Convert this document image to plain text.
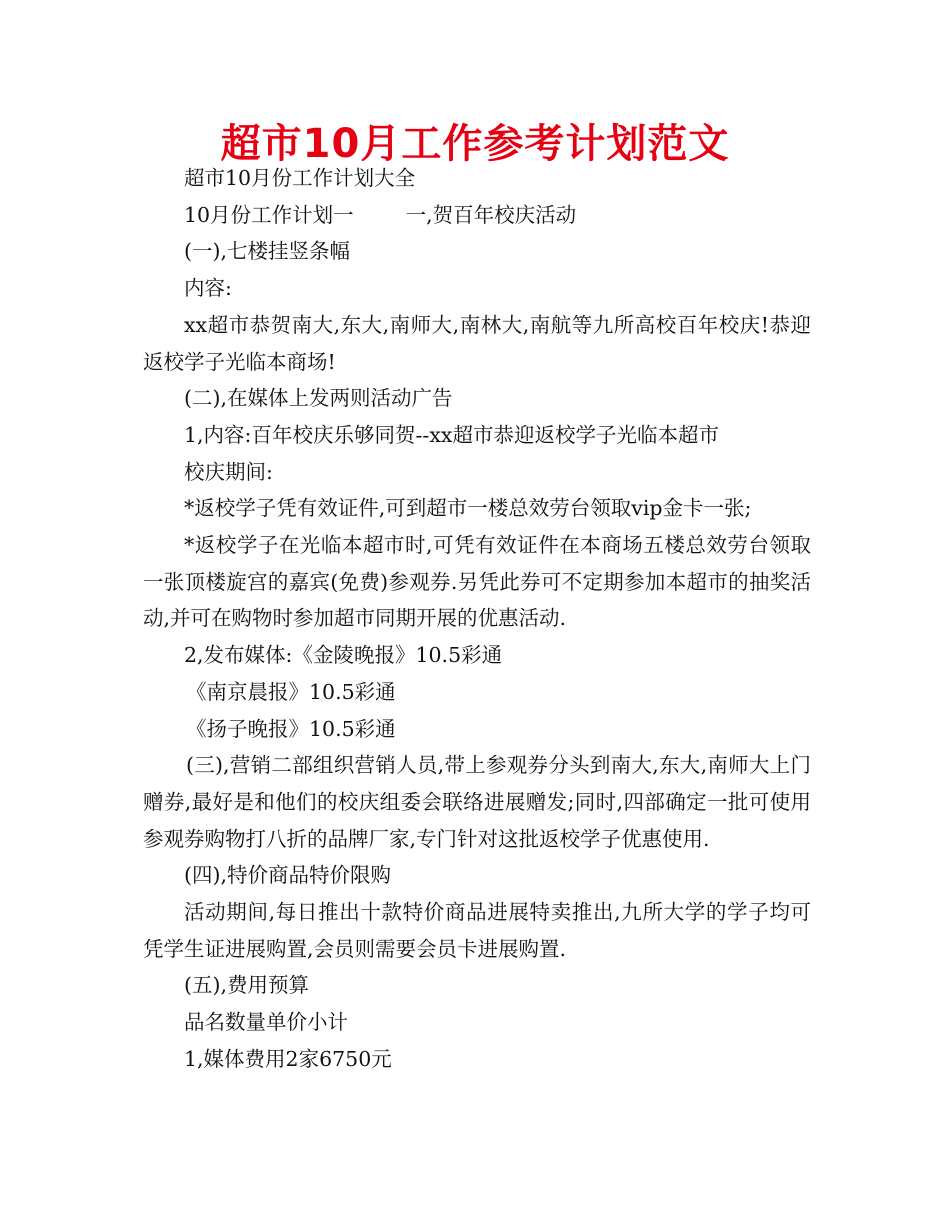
超市10月工作参考计划范文

超市10月份工作计划大全

10月份工作计划一	一,贺百年校庆活动

(一),七楼挂竖条幅

内容:

xx超市恭贺南大,东大,南师大,南林大,南航等九所高校百年校庆!恭迎返校学子光临本商场!

(二),在媒体上发两则活动广告

1,内容:百年校庆乐够同贺--xx超市恭迎返校学子光临本超市

校庆期间:

*返校学子凭有效证件,可到超市一楼总效劳台领取vip金卡一张;

*返校学子在光临本超市时,可凭有效证件在本商场五楼总效劳台领取一张顶楼旋宫的嘉宾(免费)参观券.另凭此券可不定期参加本超市的抽奖活动,并可在购物时参加超市同期开展的优惠活动.

2,发布媒体:《金陵晚报》10.5彩通

《南京晨报》10.5彩通

《扬子晚报》10.5彩通

(三),营销二部组织营销人员,带上参观券分头到南大,东大,南师大上门赠券,最好是和他们的校庆组委会联络进展赠发;同时,四部确定一批可使用参观券购物打八折的品牌厂家,专门针对这批返校学子优惠使用.

(四),特价商品特价限购

活动期间,每日推出十款特价商品进展特卖推出,九所大学的学子均可凭学生证进展购置,会员则需要会员卡进展购置.

(五),费用预算

品名数量单价小计

1,媒体费用2家6750元
